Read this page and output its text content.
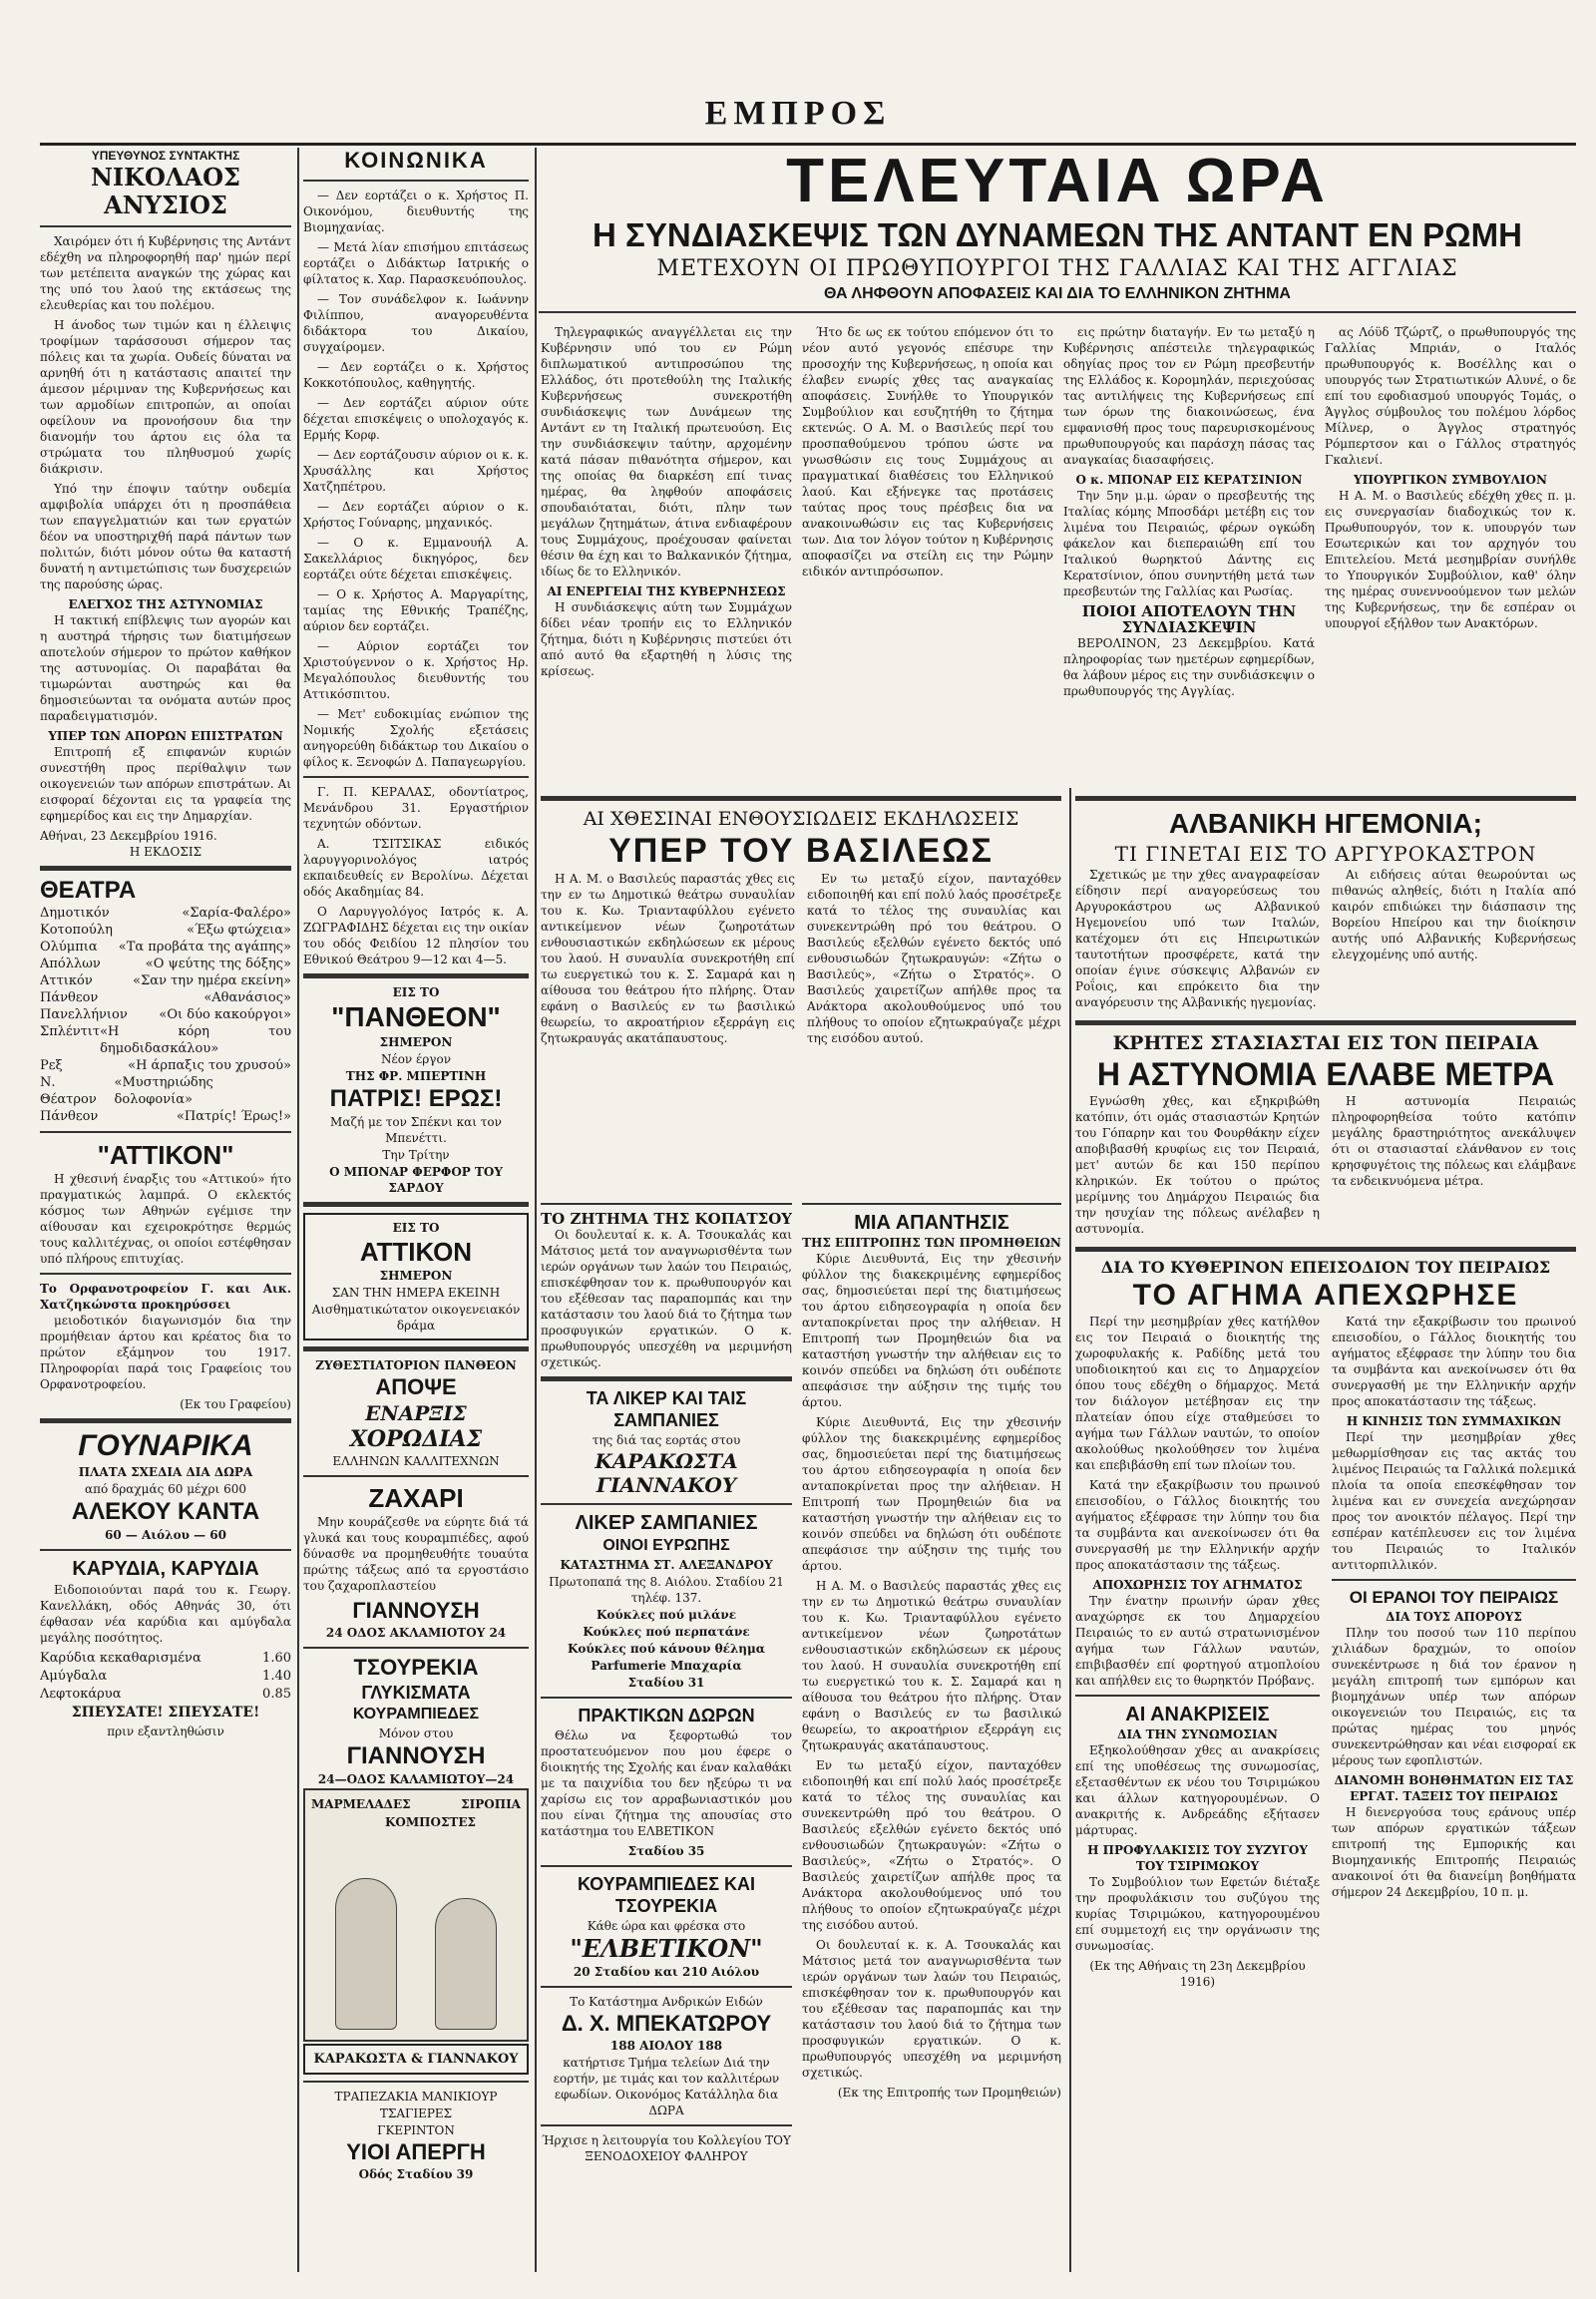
ΕΜΠΡΟΣ
ΥΠΕΥΘΥΝΟΣ ΣΥΝΤΑΚΤΗΣ
ΝΙΚΟΛΑΟΣ ΑΝΥΣΙΟΣ

Χαιρόμεν ότι ή Κυβέρνησις της Αντάντ εδέχθη να πληροφορηθή παρ' ημών περί των μετέπειτα αναγκών της χώρας και της υπό του λαού της εκτάσεως της ελευθερίας και του πολέμου.

Η άνοδος των τιμών και η έλλειψις τροφίμων ταράσσουσι σήμερον τας πόλεις και τα χωρία. Ουδείς δύναται να αρνηθή ότι η κατάστασις απαιτεί την άμεσον μέριμναν της Κυβερνήσεως και των αρμοδίων επιτροπών, αι οποίαι οφείλουν να προνοήσουν δια την διανομήν του άρτου εις όλα τα στρώματα του πληθυσμού χωρίς διάκρισιν.

Υπό την έποψιν ταύτην ουδεμία αμφιβολία υπάρχει ότι η προσπάθεια των επαγγελματιών και των εργατών δέον να υποστηριχθή παρά πάντων των πολιτών, διότι μόνον ούτω θα καταστή δυνατή η αντιμετώπισις των δυσχερειών της παρούσης ώρας.

ΕΛΕΓΧΟΣ ΤΗΣ ΑΣΤΥΝΟΜΙΑΣ

Η τακτική επίβλεψις των αγορών και η αυστηρά τήρησις των διατιμήσεων αποτελούν σήμερον το πρώτον καθήκον της αστυνομίας. Οι παραβάται θα τιμωρώνται αυστηρώς και θα δημοσιεύωνται τα ονόματα αυτών προς παραδειγματισμόν.

ΥΠΕΡ ΤΩΝ ΑΠΟΡΩΝ ΕΠΙΣΤΡΑΤΩΝ

Επιτροπή εξ επιφανών κυριών συνεστήθη προς περίθαλψιν των οικογενειών των απόρων επιστράτων. Αι εισφοραί δέχονται εις τα γραφεία της εφημερίδος και εις την Δημαρχίαν.

Αθήναι, 23 Δεκεμβρίου 1916.
Η ΕΚΔΟΣΙΣ
ΘΕΑΤΡΑ
Δημοτικόν	«Σαρία-Φαλέρο»
Κοτοπούλη	«Έξω φτώχεια»
Ολύμπια «Τα προβάτα της αγάπης»
Απόλλων	«Ο ψεύτης της δόξης»
Αττικόν	«Σαν την ημέρα εκείνη»
Πάνθεον	«Αθανάσιος»
Πανελλήνιον «Οι δύο κακούργοι»
Σπλέντιτ «Η κόρη του δημοδιδασκάλου»
Ρεξ	«Η άρπαξις του χρυσού»
Ν. Θέατρον
«Μυστηριώδης δολοφονία»
Πάνθεον	«Πατρίς! Έρως!»
"ΑΤΤΙΚΟΝ"

Η χθεσινή έναρξις του «Αττικού» ήτο πραγματικώς λαμπρά. Ο εκλεκτός κόσμος των Αθηνών εγέμισε την αίθουσαν και εχειροκρότησε θερμώς τους καλλιτέχνας, οι οποίοι εστέφθησαν υπό πλήρους επιτυχίας.

Το Ορφανοτροφείον Γ. και Αικ. Χατζηκώνστα προκηρύσσει

μειοδοτικόν διαγωνισμόν δια την προμήθειαν άρτου και κρέατος δια το πρώτον εξάμηνον του 1917. Πληροφορίαι παρά τοις Γραφείοις του Ορφανοτροφείου.

(Εκ του Γραφείου)
ΓΟΥΝΑΡΙΚΑ
ΠΛΑΤΑ ΣΧΕΔΙΑ ΔΙΑ ΔΩΡΑ
από δραχμάς 60 μέχρι 600
ΑΛΕΚΟΥ ΚΑΝΤΑ
60 — Αιόλου — 60
ΚΑΡΥΔΙΑ, ΚΑΡΥΔΙΑ

Ειδοποιούνται παρά του κ. Γεωργ. Κανελλάκη, οδός Αθηνάς 30, ότι έφθασαν νέα καρύδια και αμύγδαλα μεγάλης ποσότητος.

Καρύδια κεκαθαρισμένα	1.60
Αμύγδαλα	1.40
Λεφτοκάρυα	0.85
ΣΠΕΥΣΑΤΕ! ΣΠΕΥΣΑΤΕ!
πριν εξαντληθώσιν
ΚΟΙΝΩΝΙΚΑ

— Δεν εορτάζει ο κ. Χρήστος Π. Οικονόμου, διευθυντής της Βιομηχανίας.

— Μετά λίαν επισήμου επιτάσεως εορτάζει ο Διδάκτωρ Ιατρικής ο φίλτατος κ. Χαρ. Παρασκευόπουλος.

— Τον συνάδελφον κ. Ιωάννην Φιλίππου, αναγορευθέντα διδάκτορα του Δικαίου, συγχαίρομεν.

— Δεν εορτάζει ο κ. Χρήστος Κοκκοτόπουλος, καθηγητής.

— Δεν εορτάζει αύριον ούτε δέχεται επισκέψεις ο υπολοχαγός κ. Ερμής Κορφ.

— Δεν εορτάζουσιν αύριον οι κ. κ. Χρυσάλλης και Χρήστος Χατζηπέτρου.

— Δεν εορτάζει αύριον ο κ. Χρήστος Γούναρης, μηχανικός.

— Ο κ. Εμμανουήλ Α. Σακελλάριος δικηγόρος, δεν εορτάζει ούτε δέχεται επισκέψεις.

— Ο κ. Χρήστος Α. Μαργαρίτης, ταμίας της Εθνικής Τραπέζης, αύριον δεν εορτάζει.

— Αύριον εορτάζει τον Χριστούγεννον ο κ. Χρήστος Ηρ. Μεγαλόπουλος διευθυντής του Αττικόσπιτου.

— Μετ' ευδοκιμίας ενώπιον της Νομικής Σχολής εξετάσεις ανηγορεύθη διδάκτωρ του Δικαίου ο φίλος κ. Ξενοφών Δ. Παπαγεωργίου.

Γ. Π. ΚΕΡΑΛΑΣ, οδοντίατρος, Μενάνδρου 31. Εργαστήριον τεχνητών οδόντων.

Α. ΤΣΙΤΣΙΚΑΣ ειδικός λαρυγγορινολόγος ιατρός εκπαιδευθείς εν Βερολίνω. Δέχεται οδός Ακαδημίας 84.

Ο Λαρυγγολόγος Ιατρός κ. Α. ΖΩΓΡΑΦΙΔΗΣ δέχεται εις την οικίαν του οδός Φειδίου 12 πλησίον του Εθνικού Θεάτρου 9—12 και 4—5.

ΕΙΣ ΤΟ
"ΠΑΝΘΕΟΝ"
ΣΗΜΕΡΟΝ
Νέον έργον
ΤΗΣ ΦΡ. ΜΠΕΡΤΙΝΗ
ΠΑΤΡΙΣ! ΕΡΩΣ!
Μαζή με τον Σπέκνι και τον Μπενέττι.
Την Τρίτην
Ο ΜΠΟΝΑΡ ΦΕΡΦΟΡ ΤΟΥ ΣΑΡΔΟΥ
ΕΙΣ ΤΟ
ΑΤΤΙΚΟΝ
ΣΗΜΕΡΟΝ
ΣΑΝ ΤΗΝ ΗΜΕΡΑ ΕΚΕΙΝΗ
Αισθηματικώτατον οικογενειακόν δράμα
ΖΥΘΕΣΤΙΑΤΟΡΙΟΝ ΠΑΝΘΕΟΝ
ΑΠΟΨΕ
ΕΝΑΡΞΙΣ
ΧΟΡΩΔΙΑΣ
ΕΛΛΗΝΩΝ ΚΑΛΛΙΤΕΧΝΩΝ
ΖΑΧΑΡΙ

Μην κουράζεσθε να εύρητε διά τά γλυκά και τους κουραμπιέδες, αφού δύνασθε να προμηθευθήτε τουαύτα πρώτης τάξεως από τα εργοστάσιο του ζαχαροπλαστείου

ΓΙΑΝΝΟΥΣΗ
24 ΟΔΟΣ ΑΚΛΑΜΙΟΤΟΥ 24
ΤΣΟΥΡΕΚΙΑ
ΓΛΥΚΙΣΜΑΤΑ
ΚΟΥΡΑΜΠΙΕΔΕΣ
Μόνον στου
ΓΙΑΝΝΟΥΣΗ
24—ΟΔΟΣ ΚΑΛΑΜΙΩΤΟΥ—24
ΜΑΡΜΕΛΑΔΕΣ
ΚΟΜΠΟΣΤΕΣ
ΣΙΡΟΠΙΑ
ΚΑΡΑΚΩΣΤΑ & ΓΙΑΝΝΑΚΟΥ
ΤΡΑΠΕΖΑΚΙΑ ΜΑΝΙΚΙΟΥΡ
ΤΣΑΓΙΕΡΕΣ
ΓΚΕΡΙΝΤΟΝ
ΥΙΟΙ ΑΠΕΡΓΗ
Οδός Σταδίου 39
ΤΕΛΕΥΤΑΙΑ ΩΡΑ
Η ΣΥΝΔΙΑΣΚΕΨΙΣ ΤΩΝ ΔΥΝΑΜΕΩΝ ΤΗΣ ΑΝΤΑΝΤ ΕΝ ΡΩΜΗ
ΜΕΤΕΧΟΥΝ ΟΙ ΠΡΩΘΥΠΟΥΡΓΟΙ ΤΗΣ ΓΑΛΛΙΑΣ ΚΑΙ ΤΗΣ ΑΓΓΛΙΑΣ
ΘΑ ΛΗΦΘΟΥΝ ΑΠΟΦΑΣΕΙΣ ΚΑΙ ΔΙΑ ΤΟ ΕΛΛΗΝΙΚΟΝ ΖΗΤΗΜΑ

Τηλεγραφικώς αναγγέλλεται εις την Κυβέρνησιν υπό του εν Ρώμη διπλωματικού αντιπροσώπου της Ελλάδος, ότι προτεθούλη της Ιταλικής Κυβερνήσεως συνεκροτήθη συνδιάσκεψις των Δυνάμεων της Αντάντ εν τη Ιταλική πρωτευούση. Εις την συνδιάσκεψιν ταύτην, αρχομένην κατά πάσαν πιθανότητα σήμερον, και της οποίας θα διαρκέση επί τινας ημέρας, θα ληφθούν αποφάσεις σπουδαιόταται, διότι, πλην των μεγάλων ζητημάτων, άτινα ενδιαφέρουν τους Συμμάχους, προέχουσαν φαίνεται θέσιν θα έχη και το Βαλκανικόν ζήτημα, ιδίως δε το Ελληνικόν.

ΑΙ ΕΝΕΡΓΕΙΑΙ ΤΗΣ ΚΥΒΕΡΝΗΣΕΩΣ

Η συνδιάσκεψις αύτη των Συμμάχων δίδει νέαν τροπήν εις το Ελληνικόν ζήτημα, διότι η Κυβέρνησις πιστεύει ότι από αυτό θα εξαρτηθή η λύσις της κρίσεως.

Ήτο δε ως εκ τούτου επόμενον ότι το νέον αυτό γεγονός επέσυρε την προσοχήν της Κυβερνήσεως, η οποία και έλαβεν ενωρίς χθες τας αναγκαίας αποφάσεις. Συνήλθε το Υπουργικόν Συμβούλιον και εσυζητήθη το ζήτημα εκτενώς. Ο Α. Μ. ο Βασιλεύς περί του προσπαθούμενου τρόπου ώστε να γνωσθώσιν εις τους Συμμάχους αι πραγματικαί διαθέσεις του Ελληνικού λαού. Και εξήνεγκε τας προτάσεις ταύτας προς τους πρέσβεις δια να ανακοινωθώσιν εις τας Κυβερνήσεις των. Δια τον λόγον τούτον η Κυβέρνησις αποφασίζει να στείλη εις την Ρώμην ειδικόν αντιπρόσωπον.

εις πρώτην διαταγήν. Εν τω μεταξύ η Κυβέρνησις απέστειλε τηλεγραφικώς οδηγίας προς τον εν Ρώμη πρεσβευτήν της Ελλάδος κ. Κορομηλάν, περιεχούσας τας αντιλήψεις της Κυβερνήσεως επί των όρων της διακοινώσεως, ένα εμφανισθή προς τους παρευρισκομένους πρωθυπουργούς και παράσχη πάσας τας αναγκαίας διασαφήσεις.

Ο κ. ΜΠΟΝΑΡ ΕΙΣ ΚΕΡΑΤΣΙΝΙΟΝ

Την 5ην μ.μ. ώραν ο πρεσβευτής της Ιταλίας κόμης Μποσδάρι μετέβη εις τον λιμένα του Πειραιώς, φέρων ογκώδη φάκελον και διεπεραιώθη επί του Ιταλικού θωρηκτού Δάντης εις Κερατσίνιον, όπου συνηντήθη μετά των πρεσβευτών της Γαλλίας και Ρωσίας.

ΠΟΙΟΙ ΑΠΟΤΕΛΟΥΝ ΤΗΝ ΣΥΝΔΙΑΣΚΕΨΙΝ

ΒΕΡΟΛΙΝΟΝ, 23 Δεκεμβρίου. Κατά πληροφορίας των ημετέρων εφημερίδων, θα λάβουν μέρος εις την συνδιάσκεψιν ο πρωθυπουργός της Αγγλίας.

ας Λόϋδ Τζώρτζ, ο πρωθυπουργός της Γαλλίας Μπριάν, ο Ιταλός πρωθυπουργός κ. Βοσέλλης και ο υπουργός των Στρατιωτικών Αλυνέ, ο δε επί του εφοδιασμού υπουργός Τομάς, ο Άγγλος σύμβουλος του πολέμου λόρδος Μίλνερ, ο Άγγλος στρατηγός Ρόμπερτσον και ο Γάλλος στρατηγός Γκαλιενί.

ΥΠΟΥΡΓΙΚΟΝ ΣΥΜΒΟΥΛΙΟΝ

Η Α. Μ. ο Βασιλεύς εδέχθη χθες π. μ. εις συνεργασίαν διαδοχικώς τον κ. Πρωθυπουργόν, τον κ. υπουργόν των Εσωτερικών και τον αρχηγόν του Επιτελείου. Μετά μεσημβρίαν συνήλθε το Υπουργικόν Συμβούλιον, καθ' όλην της ημέρας συνεννοούμενον των μελών της Κυβερνήσεως, την δε εσπέραν οι υπουργοί εξήλθον των Ανακτόρων.

ΑΙ ΧΘΕΣΙΝΑΙ ΕΝΘΟΥΣΙΩΔΕΙΣ ΕΚΔΗΛΩΣΕΙΣ
ΥΠΕΡ ΤΟΥ ΒΑΣΙΛΕΩΣ

Η Α. Μ. ο Βασιλεύς παραστάς χθες εις την εν τω Δημοτικώ θεάτρω συναυλίαν του κ. Κω. Τριανταφύλλου εγένετο αντικείμενον νέων ζωηροτάτων ενθουσιαστικών εκδηλώσεων εκ μέρους του λαού. Η συναυλία συνεκροτήθη επί τω ευεργετικώ του κ. Σ. Σαμαρά και η αίθουσα του θεάτρου ήτο πλήρης. Όταν εφάνη ο Βασιλεύς εν τω βασιλικώ θεωρείω, το ακροατήριον εξερράγη εις ζητωκραυγάς ακατάπαυστους.

Εν τω μεταξύ είχον, πανταχόθεν ειδοποιηθή και επί πολύ λαός προσέτρεξε κατά το τέλος της συναυλίας και συνεκεντρώθη πρό του θεάτρου. Ο Βασιλεύς εξελθών εγένετο δεκτός υπό ενθουσιωδών ζητωκραυγών: «Ζήτω ο Βασιλεύς», «Ζήτω ο Στρατός». Ο Βασιλεύς χαιρετίζων απήλθε προς τα Ανάκτορα ακολουθούμενος υπό του πλήθους το οποίον εζητωκραύγαζε μέχρι της εισόδου αυτού.

ΤΟ ΖΗΤΗΜΑ ΤΗΣ ΚΟΠΑΤΣΟΥ

Οι δουλευταί κ. κ. Α. Τσουκαλάς και Μάτσιος μετά τον αναγνωρισθέντα των ιερών οργάνων των λαών του Πειραιώς, επισκέφθησαν τον κ. πρωθυπουργόν και του εξέθεσαν τας παραπομπάς και την κατάστασιν του λαού διά το ζήτημα των προσφυγικών εργατικών. Ο κ. πρωθυπουργός υπεσχέθη να μεριμνήση σχετικώς.

ΤΑ ΛΙΚΕΡ ΚΑΙ ΤΑΙΣ ΣΑΜΠΑΝΙΕΣ
της διά τας εορτάς στου
ΚΑΡΑΚΩΣΤΑ ΓΙΑΝΝΑΚΟΥ
ΛΙΚΕΡ ΣΑΜΠΑΝΙΕΣ
ΟΙΝΟΙ ΕΥΡΩΠΗΣ
ΚΑΤΑΣΤΗΜΑ ΣΤ. ΑΛΕΞΑΝΔΡΟΥ
Πρωτοπαπά της 8. Αιόλου. Σταδίου 21 τηλέφ. 137.
Κούκλες πού μιλάνε
Κούκλες πού περπατάνε
Κούκλες πού κάνουν θέλημα
Parfumerie Μπαχαρία
Σταδίου 31
ΠΡΑΚΤΙΚΩΝ ΔΩΡΩΝ

Θέλω να ξεφορτωθώ τον προστατευόμενον που μου έφερε ο διοικητής της Σχολής και έναν καλαθάκι με τα παιχνίδια του δεν ηξεύρω τι να χαρίσω εις τον αρραβωνιαστικόν μου που είναι ζήτημα της απουσίας στο κατάστημα του ΕΛΒΕΤΙΚΟΝ

Σταδίου 35
ΚΟΥΡΑΜΠΙΕΔΕΣ ΚΑΙ ΤΣΟΥΡΕΚΙΑ
Κάθε ώρα και φρέσκα στο
"ΕΛΒΕΤΙΚΟΝ"
20 Σταδίου και 210 Αιόλου
Το Κατάστημα Ανδρικών Ειδών
Δ. Χ. ΜΠΕΚΑΤΩΡΟΥ
188 ΑΙΟΛΟΥ 188

κατήρτισε Τμήμα τελείων Διά την εορτήν, με τιμάς και τον καλλιτέρων εφωδίων. Οικονόμος Κατάλληλα δια ΔΩΡΑ

Ήρχισε η λειτουργία του Κολλεγίου ΤΟΥ ΞΕΝΟΔΟΧΕΙΟΥ ΦΑΛΗΡΟΥ
ΜΙΑ ΑΠΑΝΤΗΣΙΣ
ΤΗΣ ΕΠΙΤΡΟΠΗΣ ΤΩΝ ΠΡΟΜΗΘΕΙΩΝ

Κύριε Διευθυντά, Εις την χθεσινήν φύλλον της διακεκριμένης εφημερίδος σας, δημοσιεύεται περί της διατιμήσεως του άρτου ειδησεογραφία η οποία δεν ανταποκρίνεται προς την αλήθειαν. Η Επιτροπή των Προμηθειών δια να καταστήση γνωστήν την αλήθειαν εις το κοινόν σπεύδει να δηλώση ότι ουδέποτε απεφάσισε την αύξησιν της τιμής του άρτου.

Κύριε Διευθυντά, Εις την χθεσινήν φύλλον της διακεκριμένης εφημερίδος σας, δημοσιεύεται περί της διατιμήσεως του άρτου ειδησεογραφία η οποία δεν ανταποκρίνεται προς την αλήθειαν. Η Επιτροπή των Προμηθειών δια να καταστήση γνωστήν την αλήθειαν εις το κοινόν σπεύδει να δηλώση ότι ουδέποτε απεφάσισε την αύξησιν της τιμής του άρτου.

Η Α. Μ. ο Βασιλεύς παραστάς χθες εις την εν τω Δημοτικώ θεάτρω συναυλίαν του κ. Κω. Τριανταφύλλου εγένετο αντικείμενον νέων ζωηροτάτων ενθουσιαστικών εκδηλώσεων εκ μέρους του λαού. Η συναυλία συνεκροτήθη επί τω ευεργετικώ του κ. Σ. Σαμαρά και η αίθουσα του θεάτρου ήτο πλήρης. Όταν εφάνη ο Βασιλεύς εν τω βασιλικώ θεωρείω, το ακροατήριον εξερράγη εις ζητωκραυγάς ακατάπαυστους.

Εν τω μεταξύ είχον, πανταχόθεν ειδοποιηθή και επί πολύ λαός προσέτρεξε κατά το τέλος της συναυλίας και συνεκεντρώθη πρό του θεάτρου. Ο Βασιλεύς εξελθών εγένετο δεκτός υπό ενθουσιωδών ζητωκραυγών: «Ζήτω ο Βασιλεύς», «Ζήτω ο Στρατός». Ο Βασιλεύς χαιρετίζων απήλθε προς τα Ανάκτορα ακολουθούμενος υπό του πλήθους το οποίον εζητωκραύγαζε μέχρι της εισόδου αυτού.

Οι δουλευταί κ. κ. Α. Τσουκαλάς και Μάτσιος μετά τον αναγνωρισθέντα των ιερών οργάνων των λαών του Πειραιώς, επισκέφθησαν τον κ. πρωθυπουργόν και του εξέθεσαν τας παραπομπάς και την κατάστασιν του λαού διά το ζήτημα των προσφυγικών εργατικών. Ο κ. πρωθυπουργός υπεσχέθη να μεριμνήση σχετικώς.

(Εκ της Επιτροπής των Προμηθειών)
ΑΛΒΑΝΙΚΗ ΗΓΕΜΟΝΙΑ;
ΤΙ ΓΙΝΕΤΑΙ ΕΙΣ ΤΟ ΑΡΓΥΡΟΚΑΣΤΡΟΝ

Σχετικώς με την χθες αναγραφείσαν είδησιν περί αναγορεύσεως του Αργυροκάστρου ως Αλβανικού Ηγεμονείου υπό των Ιταλών, κατέχομεν ότι εις Ηπειρωτικών ταυτοτήτων προσφέρετε, κατά την οποίαν έγινε σύσκεψις Αλβανών εν Ροΐοις, και επρόκειτο δια την αναγόρευσιν της Αλβανικής ηγεμονίας.

Αι ειδήσεις αύται θεωρούνται ως πιθανώς αληθείς, διότι η Ιταλία από καιρόν επιδιώκει την διάσπασιν της Βορείου Ηπείρου και την διοίκησιν αυτής υπό Αλβανικής Κυβερνήσεως ελεγχομένης υπό αυτής.

ΚΡΗΤΕΣ ΣΤΑΣΙΑΣΤΑΙ ΕΙΣ ΤΟΝ ΠΕΙΡΑΙΑ
Η ΑΣΤΥΝΟΜΙΑ ΕΛΑΒΕ ΜΕΤΡΑ

Εγνώσθη χθες, και εξηκριβώθη κατόπιν, ότι ομάς στασιαστών Κρητών του Γόπαρην και του Φουρθάκην είχεν αποβιβασθή κρυφίως εις τον Πειραιά, μετ' αυτών δε και 150 περίπου κληρικών. Εκ τούτου ο πρώτος μερίμνης του Δημάρχου Πειραιώς δια την ησυχίαν της πόλεως ανέλαβεν η αστυνομία.

Η αστυνομία Πειραιώς πληροφορηθείσα τούτο κατόπιν μεγάλης δραστηριότητος ανεκάλυψεν ότι οι στασιασταί ελάνθανον εν τοις κρησφυγέτοις της πόλεως και ελάμβανε τα ενδεικνυόμενα μέτρα.

ΔΙΑ ΤΟ ΚΥΘΕΡΙΝΟΝ ΕΠΕΙΣΟΔΙΟΝ ΤΟΥ ΠΕΙΡΑΙΩΣ
ΤΟ ΑΓΗΜΑ ΑΠΕΧΩΡΗΣΕ

Περί την μεσημβρίαν χθες κατήλθον εις τον Πειραιά ο διοικητής της χωροφυλακής κ. Ραδίδης μετά του υποδιοικητού και εις το Δημαρχείον όπου τους εδέχθη ο δήμαρχος. Μετά τον διάλογον μετέβησαν εις την πλατείαν όπου είχε σταθμεύσει το αγήμα των Γάλλων ναυτών, το οποίον ακολούθως ηκολούθησεν τον λιμένα και επεβιβάσθη επί των πλοίων του.

Κατά την εξακρίβωσιν του πρωινού επεισοδίου, ο Γάλλος διοικητής του αγήματος εξέφρασε την λύπην του δια τα συμβάντα και ανεκοίνωσεν ότι θα συνεργασθή με την Ελληνικήν αρχήν προς αποκατάστασιν της τάξεως.

ΑΠΟΧΩΡΗΣΙΣ ΤΟΥ ΑΓΗΜΑΤΟΣ

Την ένατην πρωινήν ώραν χθες αναχώρησε εκ του Δημαρχείου Πειραιώς το εν αυτώ στρατωνισμένον αγήμα των Γάλλων ναυτών, επιβιβασθέν επί φορτηγού ατμοπλοίου και απήλθεν εις το θωρηκτόν Πρόβανς.

ΑΙ ΑΝΑΚΡΙΣΕΙΣ
ΔΙΑ ΤΗΝ ΣΥΝΩΜΟΣΙΑΝ

Εξηκολούθησαν χθες αι ανακρίσεις επί της υποθέσεως της συνωμοσίας, εξετασθέντων εκ νέου του Τσιριμώκου και άλλων κατηγορουμένων. Ο ανακριτής κ. Ανδρεάδης εξήτασεν μάρτυρας.

Η ΠΡΟΦΥΛΑΚΙΣΙΣ ΤΟΥ ΣΥΖΥΓΟΥ ΤΟΥ ΤΣΙΡΙΜΩΚΟΥ

Το Συμβούλιον των Εφετών διέταξε την προφυλάκισιν του συζύγου της κυρίας Τσιριμώκου, κατηγορουμένου επί συμμετοχή εις την οργάνωσιν της συνωμοσίας.

(Εκ της Αθήναις τη 23η Δεκεμβρίου 1916)

Κατά την εξακρίβωσιν του πρωινού επεισοδίου, ο Γάλλος διοικητής του αγήματος εξέφρασε την λύπην του δια τα συμβάντα και ανεκοίνωσεν ότι θα συνεργασθή με την Ελληνικήν αρχήν προς αποκατάστασιν της τάξεως.

Η ΚΙΝΗΣΙΣ ΤΩΝ ΣΥΜΜΑΧΙΚΩΝ

Περί την μεσημβρίαν χθες μεθωρμίσθησαν εις τας ακτάς του λιμένος Πειραιώς τα Γαλλικά πολεμικά πλοία τα οποία επεσκέφθησαν τον λιμένα και εν συνεχεία ανεχώρησαν προς τον ανοικτόν πέλαγος. Περί την εσπέραν κατέπλευσεν εις τον λιμένα του Πειραιώς το Ιταλικόν αντιτορπιλλικόν.

ΟΙ ΕΡΑΝΟΙ ΤΟΥ ΠΕΙΡΑΙΩΣ
ΔΙΑ ΤΟΥΣ ΑΠΟΡΟΥΣ

Πλην του ποσού των 110 περίπου χιλιάδων δραχμών, το οποίον συνεκέντρωσε η διά τον έρανον η μεγάλη επιτροπή των εμπόρων και βιομηχάνων υπέρ των απόρων οικογενειών του Πειραιώς, εις τα πρώτας ημέρας του μηνός συνεκεντρώθησαν και νέαι εισφοραί εκ μέρους των εφοπλιστών.

ΔΙΑΝΟΜΗ ΒΟΗΘΗΜΑΤΩΝ ΕΙΣ ΤΑΣ ΕΡΓΑΤ. ΤΑΞΕΙΣ ΤΟΥ ΠΕΙΡΑΙΩΣ

Η διενεργούσα τους εράνους υπέρ των απόρων εργατικών τάξεων επιτροπή της Εμπορικής και Βιομηχανικής Επιτροπής Πειραιώς ανακοινοί ότι θα διανείμη βοηθήματα σήμερον 24 Δεκεμβρίου, 10 π. μ.
